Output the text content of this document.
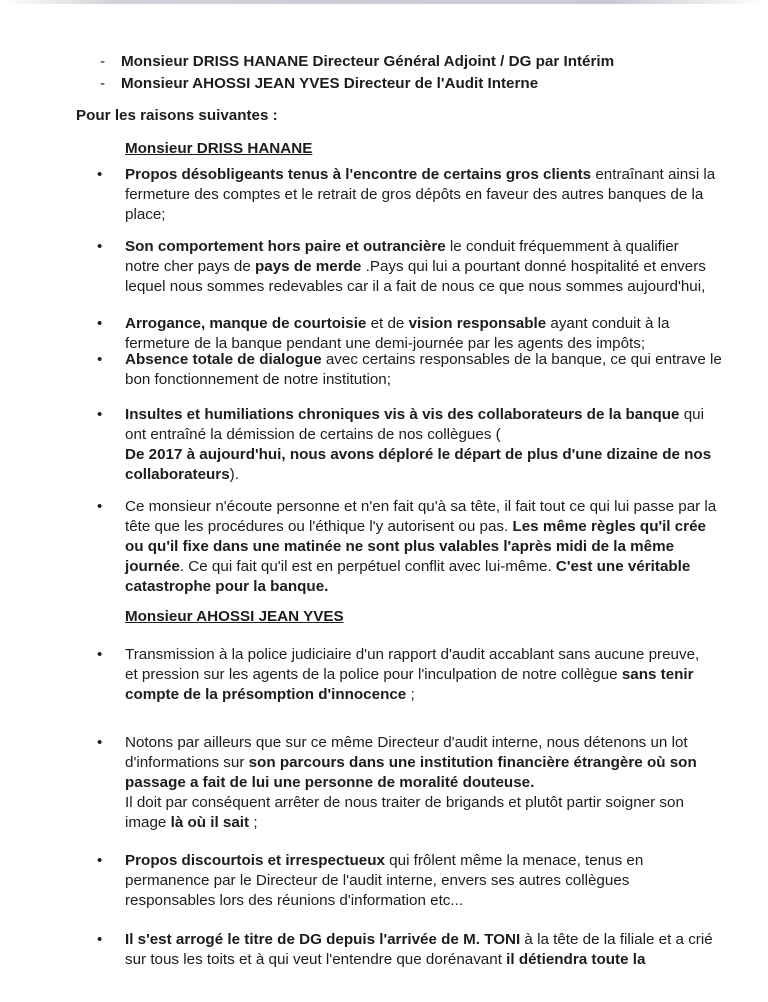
- Monsieur DRISS HANANE Directeur Général Adjoint / DG par Intérim
- Monsieur AHOSSI JEAN YVES Directeur de l'Audit Interne
Pour les raisons suivantes :
Monsieur DRISS HANANE
• Propos désobligeants tenus à l'encontre de certains gros clients entraînant ainsi la
fermeture des comptes et le retrait de gros dépôts en faveur des autres banques de la
place;
• Son comportement hors paire et outrancière le conduit fréquemment à qualifier
notre cher pays de pays de merde .Pays qui lui a pourtant donné hospitalité et envers
lequel nous sommes redevables car il a fait de nous ce que nous sommes aujourd'hui,
• Arrogance, manque de courtoisie et de vision responsable ayant conduit à la
fermeture de la banque pendant une demi-journée par les agents des impôts;
• Absence totale de dialogue avec certains responsables de la banque, ce qui entrave le
bon fonctionnement de notre institution;
• Insultes et humiliations chroniques vis à vis des collaborateurs de la banque qui
ont entraîné la démission de certains de nos collègues (
De 2017 à aujourd'hui, nous avons déploré le départ de plus d'une dizaine de nos
collaborateurs).
• Ce monsieur n'écoute personne et n'en fait qu'à sa tête, il fait tout ce qui lui passe par la
tête que les procédures ou l'éthique l'y autorisent ou pas. Les même règles qu'il crée
ou qu'il fixe dans une matinée ne sont plus valables l'après midi de la même
journée. Ce qui fait qu'il est en perpétuel conflit avec lui-même. C'est une véritable
catastrophe pour la banque.
Monsieur AHOSSI JEAN YVES
• Transmission à la police judiciaire d'un rapport d'audit accablant sans aucune preuve,
et pression sur les agents de la police pour l'inculpation de notre collègue sans tenir
compte de la présomption d'innocence ;
• Notons par ailleurs que sur ce même Directeur d'audit interne, nous détenons un lot
d'informations sur son parcours dans une institution financière étrangère où son
passage a fait de lui une personne de moralité douteuse.
Il doit par conséquent arrêter de nous traiter de brigands et plutôt partir soigner son
image là où il sait ;
• Propos discourtois et irrespectueux qui frôlent même la menace, tenus en
permanence par le Directeur de l'audit interne, envers ses autres collègues
responsables lors des réunions d'information etc...
• Il s'est arrogé le titre de DG depuis l'arrivée de M. TONI à la tête de la filiale et a crié
sur tous les toits et à qui veut l'entendre que dorénavant il détiendra toute la
